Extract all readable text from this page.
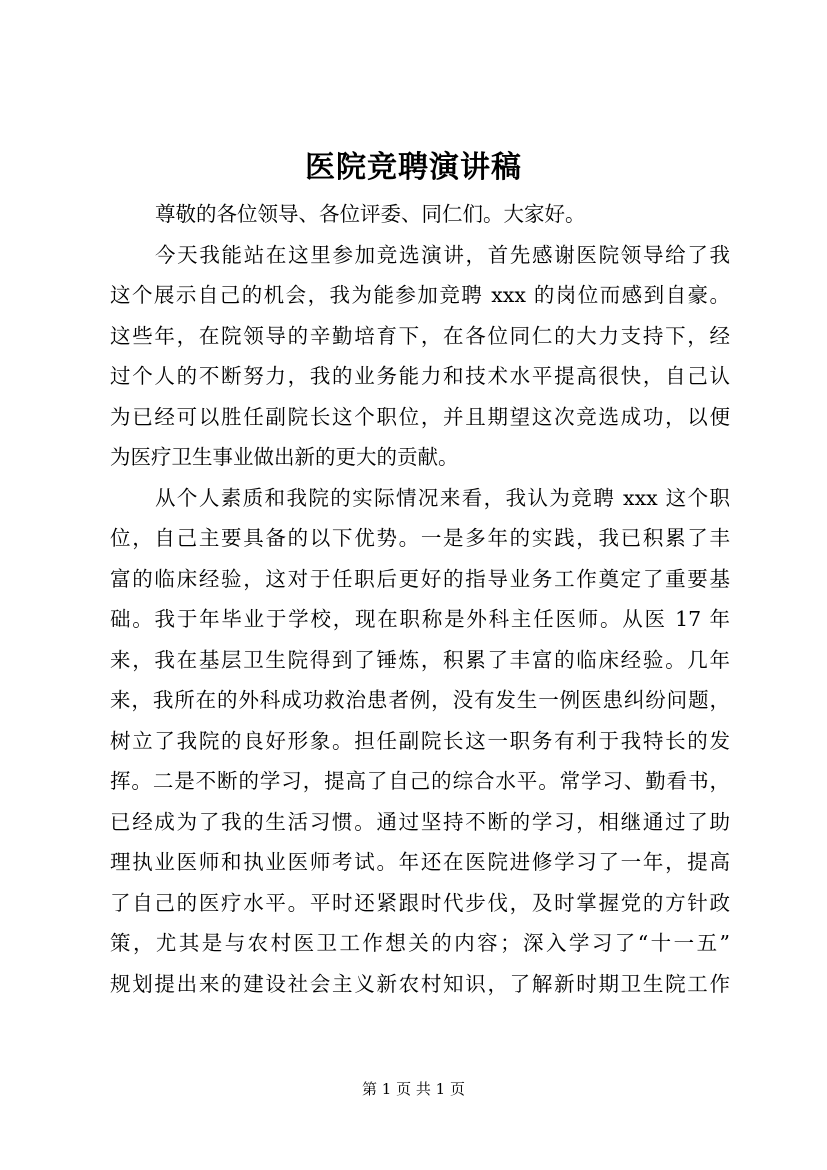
医院竞聘演讲稿
尊敬的各位领导、各位评委、同仁们。大家好。
今天我能站在这里参加竞选演讲，首先感谢医院领导给了我
这个展示自己的机会，我为能参加竞聘 xxx 的岗位而感到自豪。
这些年，在院领导的辛勤培育下，在各位同仁的大力支持下，经
过个人的不断努力，我的业务能力和技术水平提高很快，自己认
为已经可以胜任副院长这个职位，并且期望这次竞选成功，以便
为医疗卫生事业做出新的更大的贡献。
从个人素质和我院的实际情况来看，我认为竞聘 xxx 这个职
位，自己主要具备的以下优势。一是多年的实践，我已积累了丰
富的临床经验，这对于任职后更好的指导业务工作奠定了重要基
础。我于年毕业于学校，现在职称是外科主任医师。从医 17 年
来，我在基层卫生院得到了锤炼，积累了丰富的临床经验。几年
来，我所在的外科成功救治患者例，没有发生一例医患纠纷问题，
树立了我院的良好形象。担任副院长这一职务有利于我特长的发
挥。二是不断的学习，提高了自己的综合水平。常学习、勤看书，
已经成为了我的生活习惯。通过坚持不断的学习，相继通过了助
理执业医师和执业医师考试。年还在医院进修学习了一年，提高
了自己的医疗水平。平时还紧跟时代步伐，及时掌握党的方针政
策，尤其是与农村医卫工作想关的内容；深入学习了“十一五”
规划提出来的建设社会主义新农村知识，了解新时期卫生院工作
第 1 页 共 1 页
